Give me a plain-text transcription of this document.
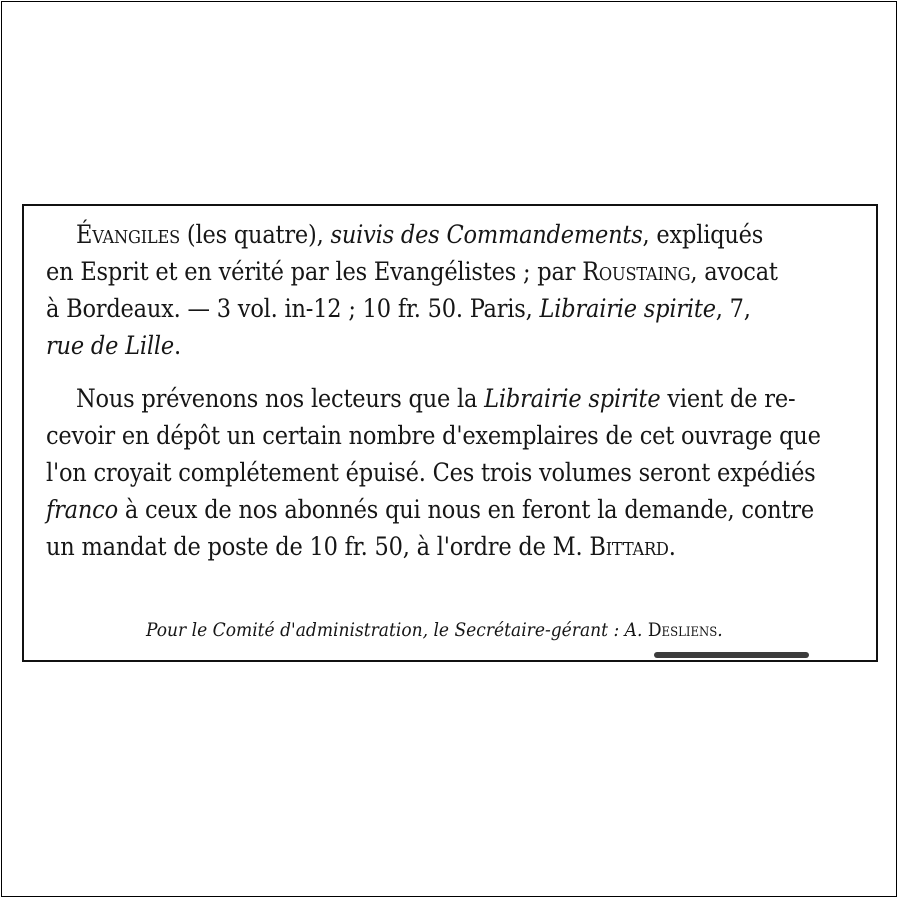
Évangiles (les quatre), suivis des Commandements, expliqués
en Esprit et en vérité par les Evangélistes ; par Roustaing, avocat
à Bordeaux. — 3 vol. in-12 ; 10 fr. 50. Paris, Librairie spirite, 7,
rue de Lille.
Nous prévenons nos lecteurs que la Librairie spirite vient de re-
cevoir en dépôt un certain nombre d'exemplaires de cet ouvrage que
l'on croyait complétement épuisé. Ces trois volumes seront expédiés
franco à ceux de nos abonnés qui nous en feront la demande, contre
un mandat de poste de 10 fr. 50, à l'ordre de M. Bittard.
Pour le Comité d'administration, le Secrétaire-gérant : A. Desliens.
